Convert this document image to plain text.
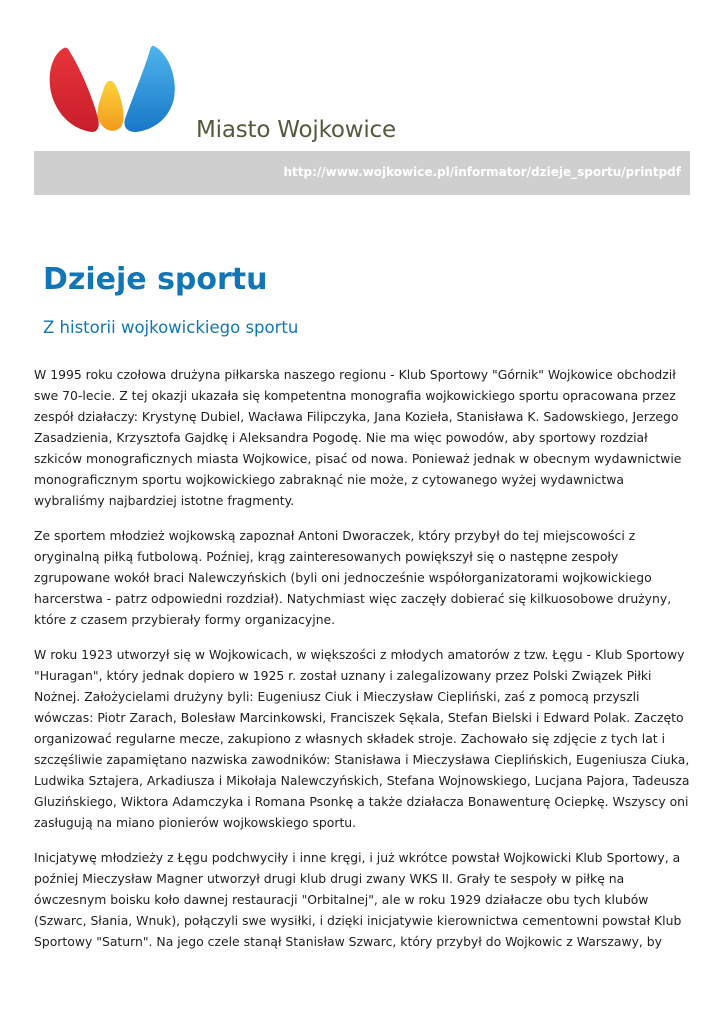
Miasto Wojkowice
http://www.wojkowice.pl/informator/dzieje_sportu/printpdf
Dzieje sportu
Z historii wojkowickiego sportu

W 1995 roku czołowa drużyna piłkarska naszego regionu - Klub Sportowy "Górnik" Wojkowice obchodził swe 70-lecie. Z tej okazji ukazała się kompetentna monografia wojkowickiego sportu opracowana przez zespół działaczy: Krystynę Dubiel, Wacława Filipczyka, Jana Kozieła, Stanisława K. Sadowskiego, Jerzego Zasadzienia, Krzysztofa Gajdkę i Aleksandra Pogodę. Nie ma więc powodów, aby sportowy rozdział szkiców monograficznych miasta Wojkowice, pisać od nowa. Ponieważ jednak w obecnym wydawnictwie monograficznym sportu wojkowickiego zabraknąć nie może, z cytowanego wyżej wydawnictwa wybraliśmy najbardziej istotne fragmenty.

Ze sportem młodzież wojkowską zapoznał Antoni Dworaczek, który przybył do tej miejscowości z oryginalną piłką futbolową. Poźniej, krąg zainteresowanych powiększył się o następne zespoły zgrupowane wokół braci Nalewczyńskich (byli oni jednocześnie współorganizatorami wojkowickiego harcerstwa - patrz odpowiedni rozdział). Natychmiast więc zaczęły dobierać się kilkuosobowe drużyny, które z czasem przybierały formy organizacyjne.

W roku 1923 utworzył się w Wojkowicach, w większości z młodych amatorów z tzw. Łęgu - Klub Sportowy "Huragan", który jednak dopiero w 1925 r. został uznany i zalegalizowany przez Polski Związek Piłki Nożnej. Założycielami drużyny byli: Eugeniusz Ciuk i Mieczysław Ciepliński, zaś z pomocą przyszli wówczas: Piotr Zarach, Bolesław Marcinkowski, Franciszek Sękala, Stefan Bielski i Edward Polak. Zaczęto organizować regularne mecze, zakupiono z własnych składek stroje. Zachowało się zdjęcie z tych lat i szczęśliwie zapamiętano nazwiska zawodników: Stanisława i Mieczysława Cieplińskich, Eugeniusza Ciuka, Ludwika Sztajera, Arkadiusza i Mikołaja Nalewczyńskich, Stefana Wojnowskiego, Lucjana Pajora, Tadeusza Gluzińskiego, Wiktora Adamczyka i Romana Psonkę a także działacza Bonawenturę Ociepkę. Wszyscy oni zasługują na miano pionierów wojkowskiego sportu.

Inicjatywę młodzieży z Łęgu podchwyciły i inne kręgi, i już wkrótce powstał Wojkowicki Klub Sportowy, a poźniej Mieczysław Magner utworzył drugi klub drugi zwany WKS II. Grały te sespoły w piłkę na ówczesnym boisku koło dawnej restauracji "Orbitalnej", ale w roku 1929 działacze obu tych klubów (Szwarc, Słania, Wnuk), połączyli swe wysiłki, i dzięki inicjatywie kierownictwa cementowni powstał Klub Sportowy "Saturn". Na jego czele stanął Stanisław Szwarc, który przybył do Wojkowic z Warszawy, by
